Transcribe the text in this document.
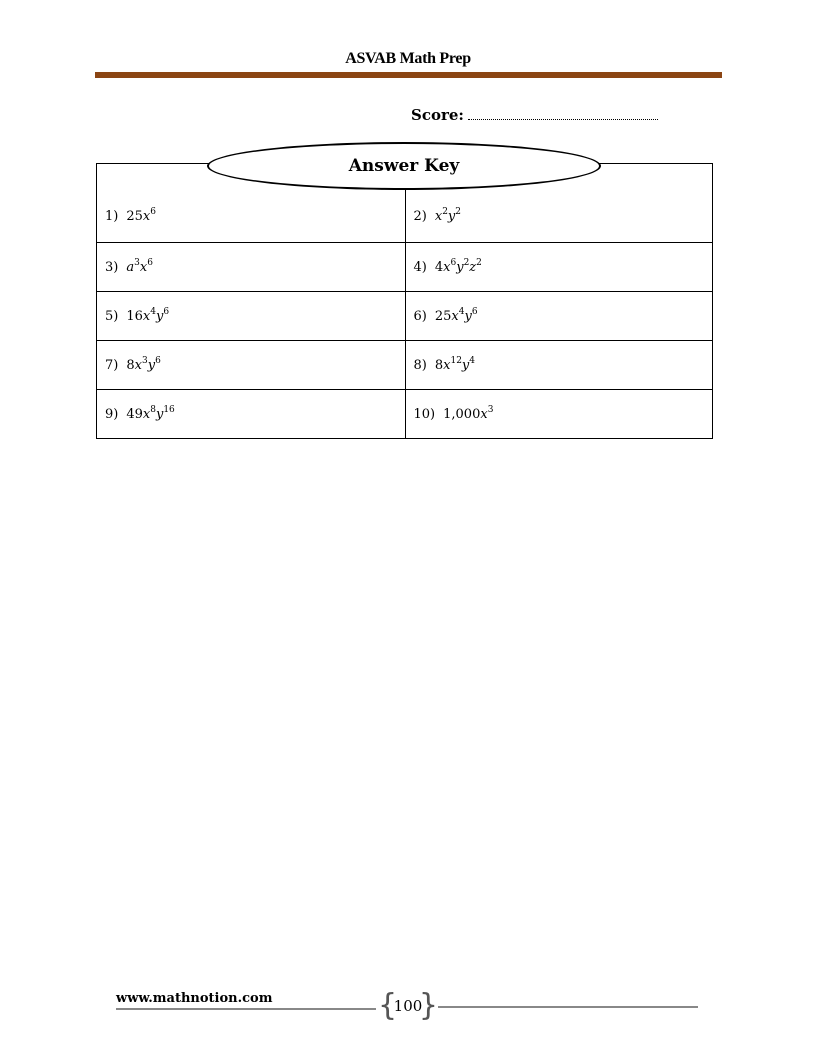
ASVAB Math Prep
Score:
1) $25x^6$	2) $x^2y^2$
3) $a^3x^6$	4) $4x^6y^2z^2$
5) $16x^4y^6$	6) $25x^4y^6$
7) $8x^3y^6$	8) $8x^{12}y^4$
9) $49x^8y^{16}$	10) $1,000x^3$
Answer Key
www.mathnotion.com	{
100
}
